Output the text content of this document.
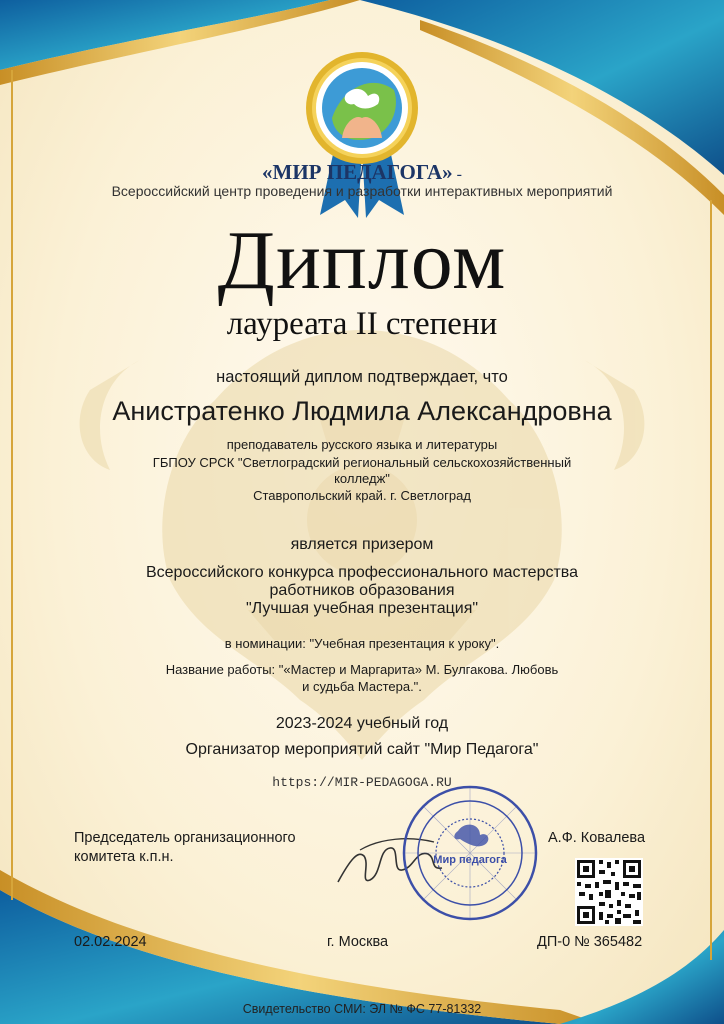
«МИР ПЕДАГОГА» -
Всероссийский центр проведения и разработки интерактивных мероприятий
Диплом
лауреата II степени
настоящий диплом подтверждает, что
Анистратенко Людмила Александровна
преподаватель русского языка и литературы
ГБПОУ СРСК "Светлоградский региональный сельскохозяйственный
колледж"
Ставропольский край. г. Светлоград
является призером
Всероссийского конкурса профессионального мастерства
работников образования
"Лучшая учебная презентация"
в номинации: "Учебная презентация к уроку".
Название работы: "«Мастер и Маргарита» М. Булгакова. Любовь
и судьба Мастера.".
2023-2024 учебный год
Организатор мероприятий сайт "Мир Педагога"
https://MIR-PEDAGOGA.RU
Председатель организационного
комитета к.п.н.	Мир педагога
А.Ф. Ковалева
02.02.2024	г. Москва	ДП-0 № 365482
Свидетельство СМИ: ЭЛ № ФС 77-81332
